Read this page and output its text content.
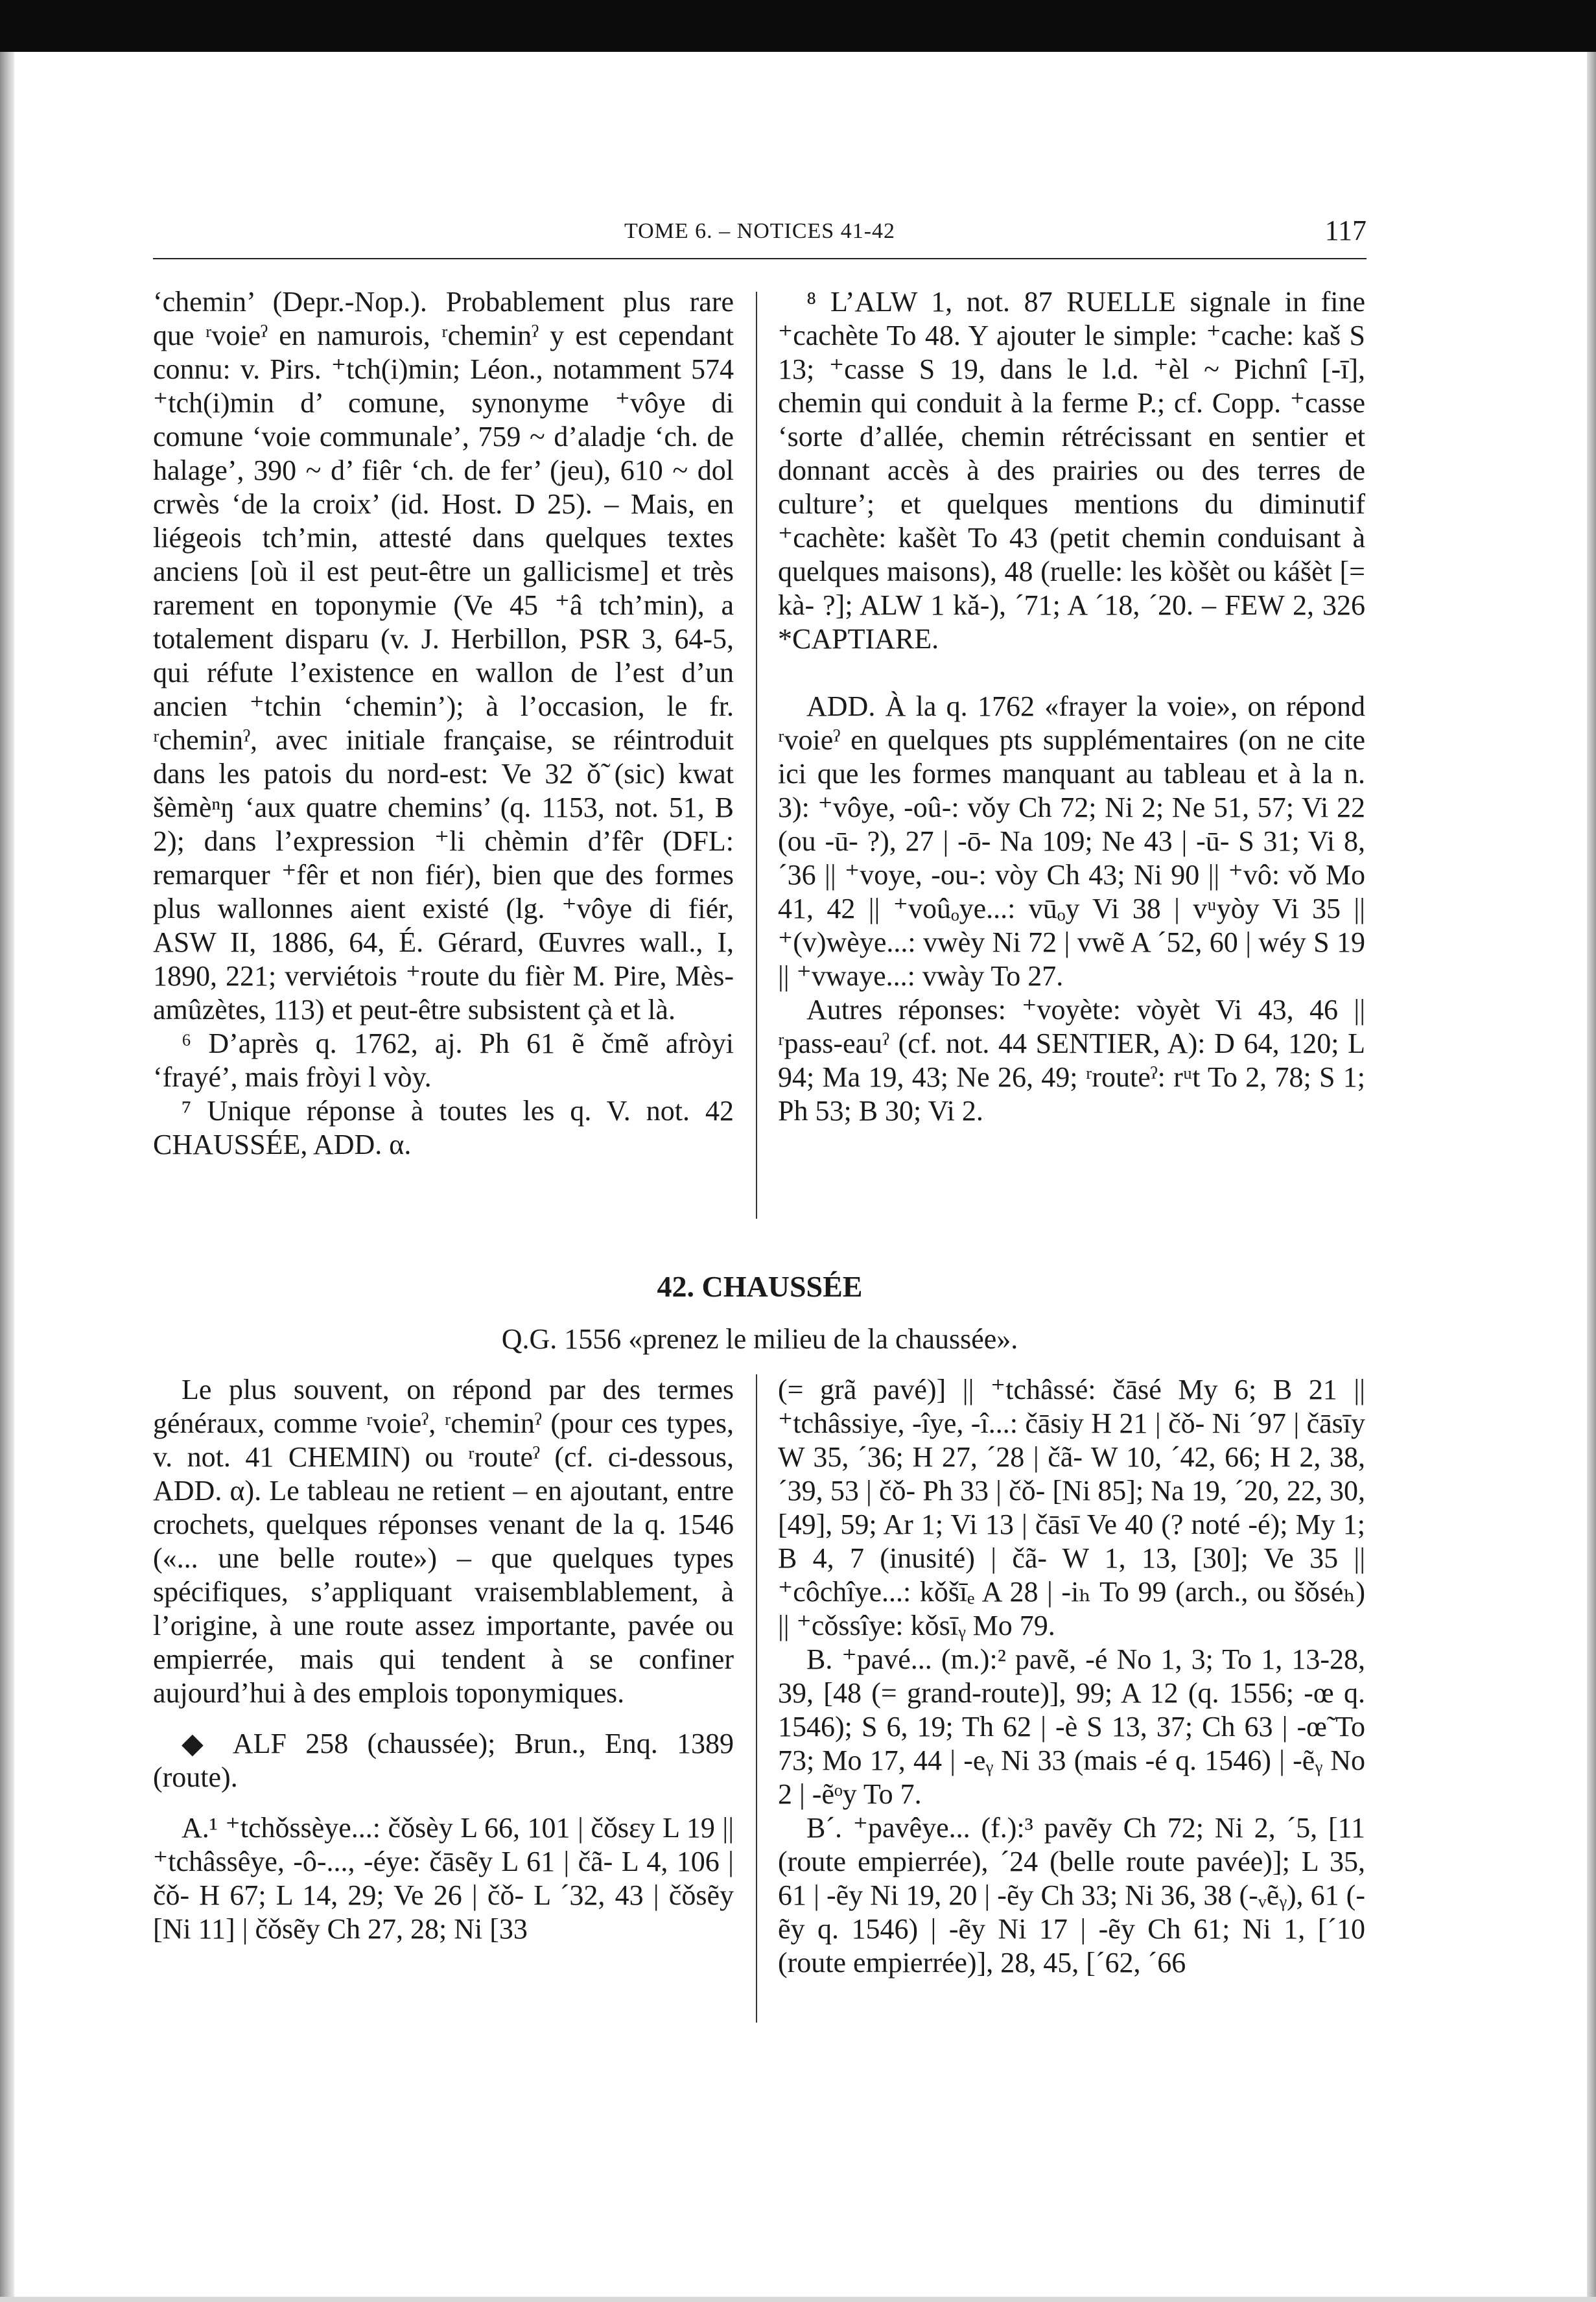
TOME 6. – NOTICES 41-42	117

‘chemin’ (Depr.-Nop.). Probablement plus rare que ʳvoieˀ en namurois, ʳcheminˀ y est cependant connu: v. Pirs. ⁺tch(i)min; Léon., notamment 574 ⁺tch(i)min d’ comune, synonyme ⁺vôye di comune ‘voie communale’, 759 ~ d’aladje ‘ch. de halage’, 390 ~ d’ fiêr ‘ch. de fer’ (jeu), 610 ~ dol crwès ‘de la croix’ (id. Host. D 25). – Mais, en liégeois tch’min, attesté dans quelques textes anciens [où il est peut-être un gallicisme] et très rarement en toponymie (Ve 45 ⁺â tch’min), a totalement disparu (v. J. Herbillon, PSR 3, 64-5, qui réfute l’existence en wallon de l’est d’un ancien ⁺tchin ‘chemin’); à l’occasion, le fr. ʳcheminˀ, avec initiale française, se réintroduit dans les patois du nord-est: Ve 32 ǒ̃ (sic) kwat šèmèⁿŋ ‘aux quatre chemins’ (q. 1153, not. 51, B 2); dans l’expression ⁺li chèmin d’fêr (DFL: remarquer ⁺fêr et non fiér), bien que des formes plus wallonnes aient existé (lg. ⁺vôye di fiér, ASW II, 1886, 64, É. Gérard, Œuvres wall., I, 1890, 221; verviétois ⁺route du fièr M. Pire, Mès-amûzètes, 113) et peut-être subsistent çà et là.

⁶ D’après q. 1762, aj. Ph 61 ẽ čmẽ afròyi ‘frayé’, mais fròyi l vòy.

⁷ Unique réponse à toutes les q. V. not. 42 CHAUSSÉE, ADD. α.

⁸ L’ALW 1, not. 87 RUELLE signale in fine ⁺cachète To 48. Y ajouter le simple: ⁺cache: kaš S 13; ⁺casse S 19, dans le l.d. ⁺èl ~ Pichnî [-ī], chemin qui conduit à la ferme P.; cf. Copp. ⁺casse ‘sorte d’allée, chemin rétrécissant en sentier et donnant accès à des prairies ou des terres de culture’; et quelques mentions du diminutif ⁺cachète: kašèt To 43 (petit chemin conduisant à quelques maisons), 48 (ruelle: les kòšèt ou kášèt [= kà- ?]; ALW 1 kǎ-), ´71; A ´18, ´20. – FEW 2, 326 *CAPTIARE.

ADD. À la q. 1762 «frayer la voie», on répond ʳvoieˀ en quelques pts supplémentaires (on ne cite ici que les formes manquant au tableau et à la n. 3): ⁺vôye, -oû-: vǒy Ch 72; Ni 2; Ne 51, 57; Vi 22 (ou -ū- ?), 27 | -ō- Na 109; Ne 43 | -ū- S 31; Vi 8, ´36 || ⁺voye, -ou-: vòy Ch 43; Ni 90 || ⁺vô: vǒ Mo 41, 42 || ⁺voûₒye...: vūₒy Vi 38 | vᵘyòy Vi 35 || ⁺(v)wèye...: vwèy Ni 72 | vwẽ A ´52, 60 | wéy S 19 || ⁺vwaye...: vwày To 27.

Autres réponses: ⁺voyète: vòyèt Vi 43, 46 || ʳpass-eauˀ (cf. not. 44 SENTIER, A): D 64, 120; L 94; Ma 19, 43; Ne 26, 49; ʳrouteˀ: rᵘt To 2, 78; S 1; Ph 53; B 30; Vi 2.

42. CHAUSSÉE
Q.G. 1556 «prenez le milieu de la chaussée».

Le plus souvent, on répond par des termes généraux, comme ʳvoieˀ, ʳcheminˀ (pour ces types, v. not. 41 CHEMIN) ou ʳrouteˀ (cf. ci-dessous, ADD. α). Le tableau ne retient – en ajoutant, entre crochets, quelques réponses venant de la q. 1546 («... une belle route») – que quelques types spécifiques, s’appliquant vraisemblablement, à l’origine, à une route assez importante, pavée ou empierrée, mais qui tendent à se confiner aujourd’hui à des emplois toponymiques.

◆ ALF 258 (chaussée); Brun., Enq. 1389 (route).

A.¹ ⁺tchǒssèye...: čǒsèy L 66, 101 | čǒsɛy L 19 || ⁺tchâssêye, -ô-..., -éye: čāsẽy L 61 | čã- L 4, 106 | čǒ- H 67; L 14, 29; Ve 26 | čǒ- L ´32, 43 | čǒsẽy [Ni 11] | čǒsẽy Ch 27, 28; Ni [33

(= grã pavé)] || ⁺tchâssé: čāsé My 6; B 21 || ⁺tchâssiye, -îye, -î...: čāsiy H 21 | čǒ- Ni ´97 | čāsīy W 35, ´36; H 27, ´28 | čã- W 10, ´42, 66; H 2, 38, ´39, 53 | čǒ- Ph 33 | čǒ- [Ni 85]; Na 19, ´20, 22, 30, [49], 59; Ar 1; Vi 13 | čāsī Ve 40 (? noté -é); My 1; B 4, 7 (inusité) | čã- W 1, 13, [30]; Ve 35 || ⁺côchîye...: kǒšīₑ A 28 | -iₕ To 99 (arch., ou šǒséₕ) || ⁺cǒssîye: kǒsīᵧ Mo 79.

B. ⁺pavé... (m.):² pavẽ, -é No 1, 3; To 1, 13-28, 39, [48 (= grand-route)], 99; A 12 (q. 1556; -œ q. 1546); S 6, 19; Th 62 | -è S 13, 37; Ch 63 | -œ̃ To 73; Mo 17, 44 | -eᵧ Ni 33 (mais -é q. 1546) | -ẽᵧ No 2 | -ẽᵒy To 7.

B´. ⁺pavêye... (f.):³ pavẽy Ch 72; Ni 2, ´5, [11 (route empierrée), ´24 (belle route pavée)]; L 35, 61 | -ẽy Ni 19, 20 | -ẽy Ch 33; Ni 36, 38 (-ᵥẽᵧ), 61 (-ẽy q. 1546) | -ẽy Ni 17 | -ẽy Ch 61; Ni 1, [´10 (route empierrée)], 28, 45, [´62, ´66
